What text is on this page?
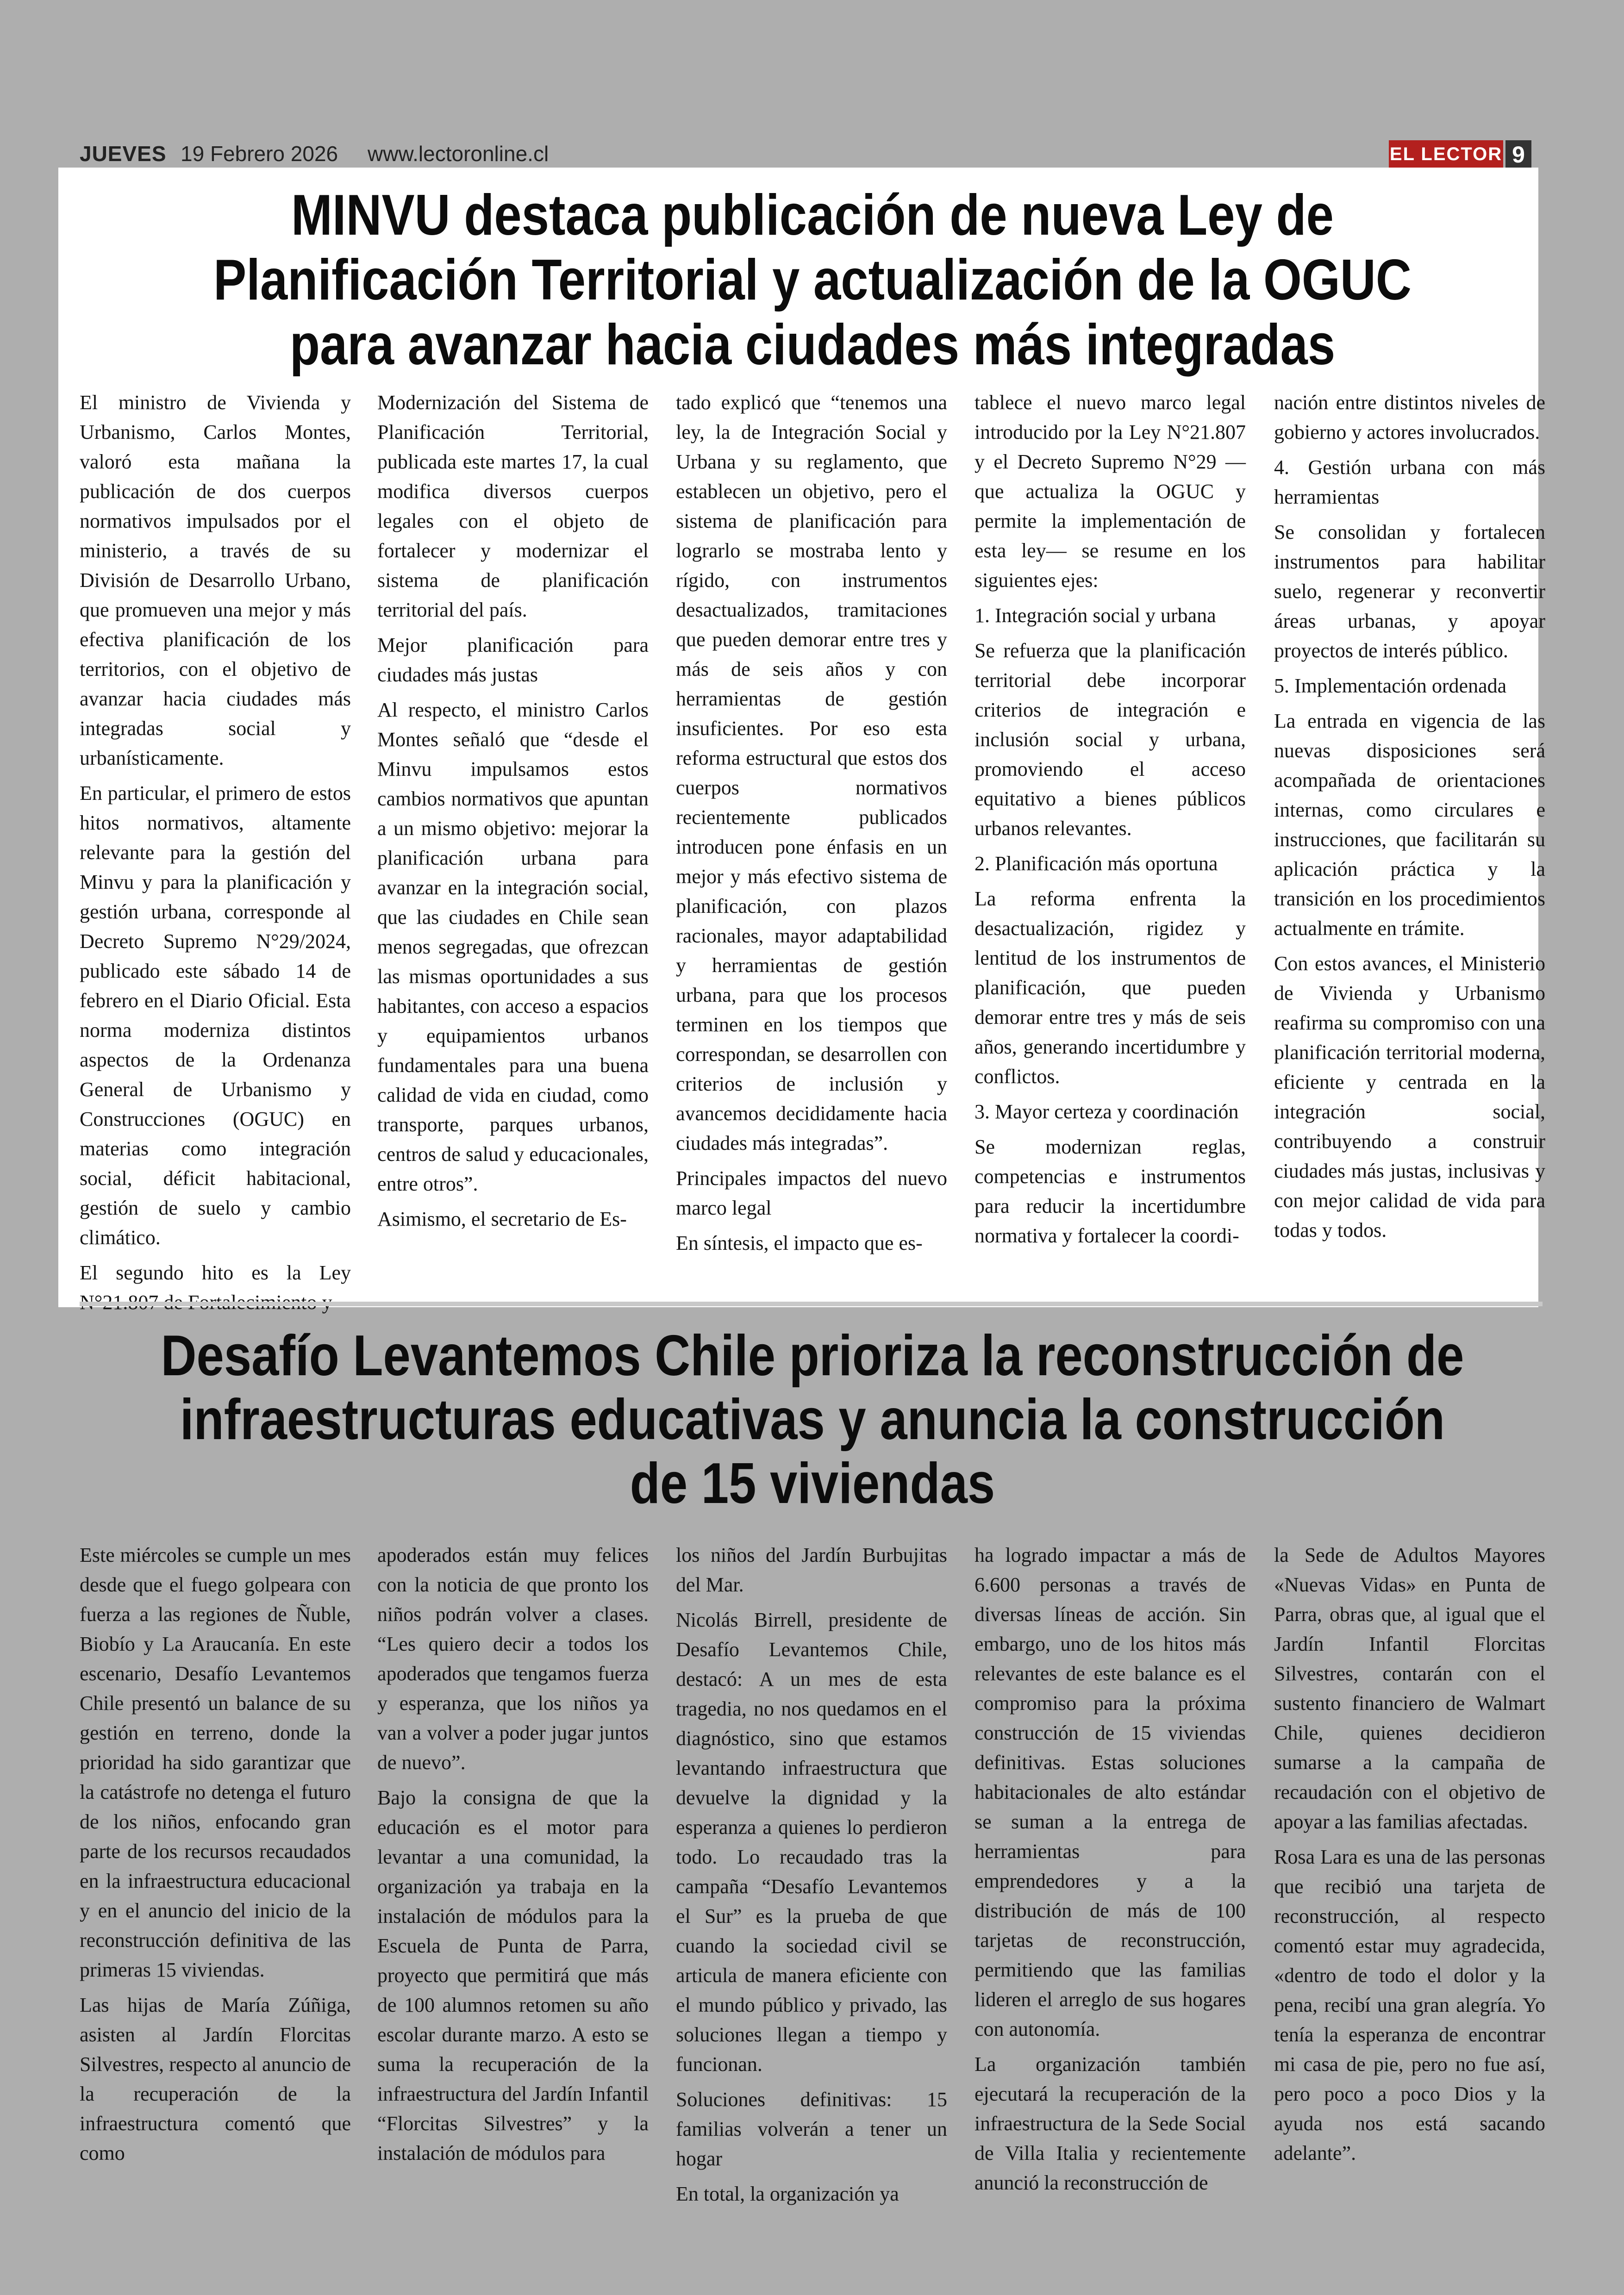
JUEVES 19 Febrero 2026 www.lectoronline.cl	EL LECTOR 9
MINVU destaca publicación de nueva Ley de Planificación Territorial y actualización de la OGUC para avanzar hacia ciudades más integradas

El ministro de Vivienda y Urbanismo, Carlos Montes, valoró esta mañana la publicación de dos cuerpos normativos impulsados por el ministerio, a través de su División de Desarrollo Urbano, que promueven una mejor y más efectiva planificación de los territorios, con el objetivo de avanzar hacia ciudades más integradas social y urbanísticamente.

En particular, el primero de estos hitos normativos, altamente relevante para la gestión del Minvu y para la planificación y gestión urbana, corresponde al Decreto Supremo N°29/2024, publicado este sábado 14 de febrero en el Diario Oficial. Esta norma moderniza distintos aspectos de la Ordenanza General de Urbanismo y Construcciones (OGUC) en materias como integración social, déficit habitacional, gestión de suelo y cambio climático.

El segundo hito es la Ley

Modernización del Sistema de Planificación Territorial, publicada este martes 17, la cual modifica diversos cuerpos legales con el objeto de fortalecer y modernizar el sistema de planificación territorial del país.

Mejor planificación para ciudades más justas

Al respecto, el ministro Carlos Montes señaló que “desde el Minvu impulsamos estos cambios normativos que apuntan a un mismo objetivo: mejorar la planificación urbana para avanzar en la integración social, que las ciudades en Chile sean menos segregadas, que ofrezcan las mismas oportunidades a sus habitantes, con acceso a espacios y equipamientos urbanos fundamentales para una buena calidad de vida en ciudad, como transporte, parques urbanos, centros de salud y educacionales, entre otros”.

Asimismo, el secretario de Es-

tado explicó que “tenemos una ley, la de Integración Social y Urbana y su reglamento, que establecen un objetivo, pero el sistema de planificación para lograrlo se mostraba lento y rígido, con instrumentos desactualizados, tramitaciones que pueden demorar entre tres y más de seis años y con herramientas de gestión insuficientes. Por eso esta reforma estructural que estos dos cuerpos normativos recientemente publicados introducen pone énfasis en un mejor y más efectivo sistema de planificación, con plazos racionales, mayor adaptabilidad y herramientas de gestión urbana, para que los procesos terminen en los tiempos que correspondan, se desarrollen con criterios de inclusión y avancemos decididamente hacia ciudades más integradas”.

Principales impactos del nuevo marco legal

En síntesis, el impacto que es-

tablece el nuevo marco legal introducido por la Ley N°21.807 y el Decreto Supremo N°29 —que actualiza la OGUC y permite la implementación de esta ley— se resume en los siguientes ejes:

1. Integración social y urbana

Se refuerza que la planificación territorial debe incorporar criterios de integración e inclusión social y urbana, promoviendo el acceso equitativo a bienes públicos urbanos relevantes.

2. Planificación más oportuna

La reforma enfrenta la desactualización, rigidez y lentitud de los instrumentos de planificación, que pueden demorar entre tres y más de seis años, generando incertidumbre y conflictos.

3. Mayor certeza y coordinación

Se modernizan reglas, competencias e instrumentos para reducir la incertidumbre normativa y fortalecer la coordi-

nación entre distintos niveles de gobierno y actores involucrados.

4. Gestión urbana con más herramientas

Se consolidan y fortalecen instrumentos para habilitar suelo, regenerar y reconvertir áreas urbanas, y apoyar proyectos de interés público.

5. Implementación ordenada

La entrada en vigencia de las nuevas disposiciones será acompañada de orientaciones internas, como circulares e instrucciones, que facilitarán su aplicación práctica y la transición en los procedimientos actualmente en trámite.

Con estos avances, el Ministerio de Vivienda y Urbanismo reafirma su compromiso con una planificación territorial moderna, eficiente y centrada en la integración social, contribuyendo a construir ciudades más justas, inclusivas y con mejor calidad de vida para todas y todos.

Desafío Levantemos Chile prioriza la reconstrucción de infraestructuras educativas y anuncia la construcción de 15 viviendas

Este miércoles se cumple un mes desde que el fuego golpeara con fuerza a las regiones de Ñuble, Biobío y La Araucanía. En este escenario, Desafío Levantemos Chile presentó un balance de su gestión en terreno, donde la prioridad ha sido garantizar que la catástrofe no detenga el futuro de los niños, enfocando gran parte de los recursos recaudados en la infraestructura educacional y en el anuncio del inicio de la reconstrucción definitiva de las primeras 15 viviendas.

Las hijas de María Zúñiga, asisten al Jardín Florcitas Silvestres, respecto al anuncio de la recuperación de la infraestructura comentó que como

apoderados están muy felices con la noticia de que pronto los niños podrán volver a clases. “Les quiero decir a todos los apoderados que tengamos fuerza y esperanza, que los niños ya van a volver a poder jugar juntos de nuevo”.

Bajo la consigna de que la educación es el motor para levantar a una comunidad, la organización ya trabaja en la instalación de módulos para la Escuela de Punta de Parra, proyecto que permitirá que más de 100 alumnos retomen su año escolar durante marzo. A esto se suma la recuperación de la infraestructura del Jardín Infantil “Florcitas Silvestres” y la instalación de módulos para

los niños del Jardín Burbujitas del Mar.

Nicolás Birrell, presidente de Desafío Levantemos Chile, destacó: A un mes de esta tragedia, no nos quedamos en el diagnóstico, sino que estamos levantando infraestructura que devuelve la dignidad y la esperanza a quienes lo perdieron todo. Lo recaudado tras la campaña “Desafío Levantemos el Sur” es la prueba de que cuando la sociedad civil se articula de manera eficiente con el mundo público y privado, las soluciones llegan a tiempo y funcionan.

Soluciones definitivas: 15 familias volverán a tener un hogar

En total, la organización ya

ha logrado impactar a más de 6.600 personas a través de diversas líneas de acción. Sin embargo, uno de los hitos más relevantes de este balance es el compromiso para la próxima construcción de 15 viviendas definitivas. Estas soluciones habitacionales de alto estándar se suman a la entrega de herramientas para emprendedores y a la distribución de más de 100 tarjetas de reconstrucción, permitiendo que las familias lideren el arreglo de sus hogares con autonomía.

La organización también ejecutará la recuperación de la infraestructura de la Sede Social de Villa Italia y recientemente anunció la reconstrucción de

la Sede de Adultos Mayores «Nuevas Vidas» en Punta de Parra, obras que, al igual que el Jardín Infantil Florcitas Silvestres, contarán con el sustento financiero de Walmart Chile, quienes decidieron sumarse a la campaña de recaudación con el objetivo de apoyar a las familias afectadas.

Rosa Lara es una de las personas que recibió una tarjeta de reconstrucción, al respecto comentó estar muy agradecida, «dentro de todo el dolor y la pena, recibí una gran alegría. Yo tenía la esperanza de encontrar mi casa de pie, pero no fue así, pero poco a poco Dios y la ayuda nos está sacando adelante”.
